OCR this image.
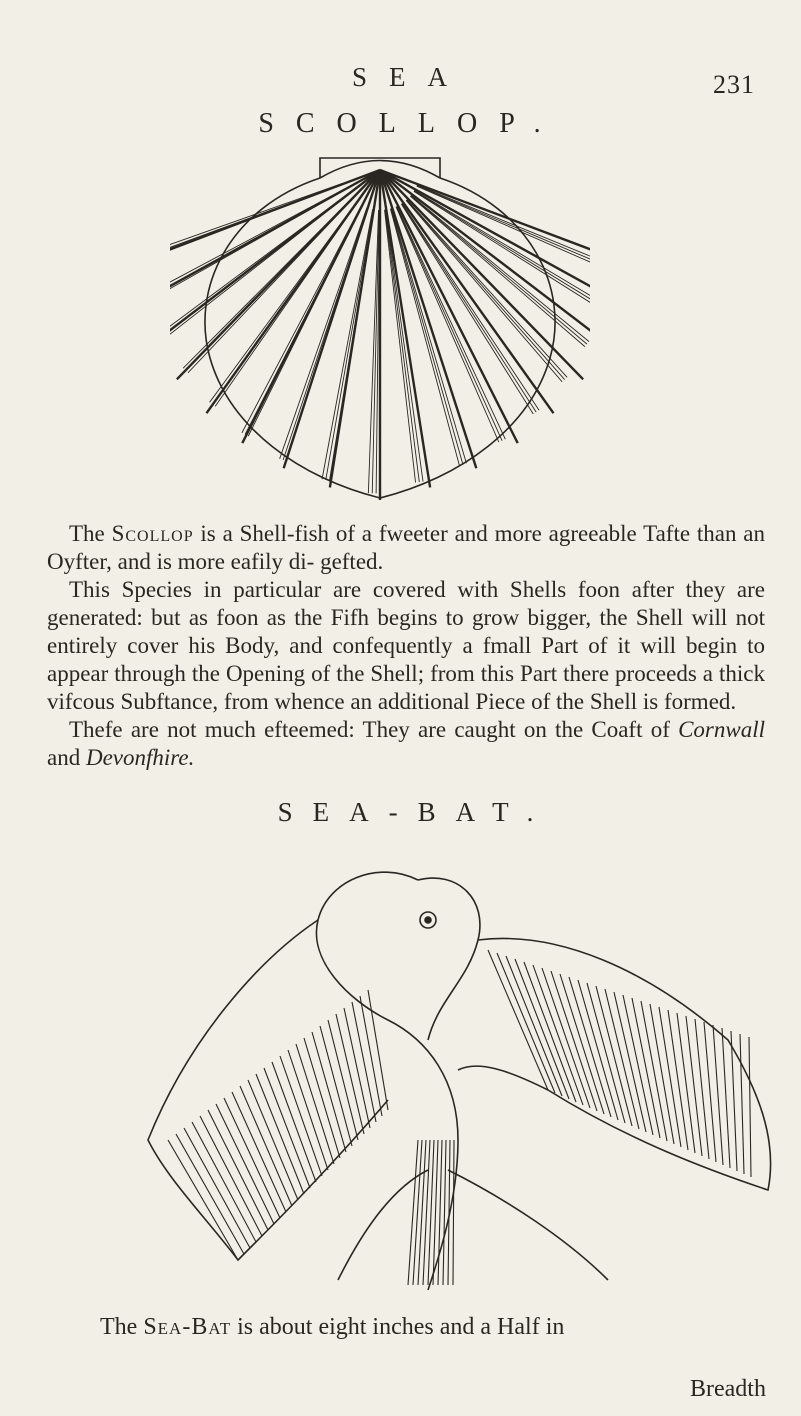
231
SEA
SCOLLOP.

The Scollop is a Shell-fish of a fweeter and more agreeable Tafte than an Oyfter, and is more eafily di- gefted.

This Species in particular are covered with Shells foon after they are generated: but as foon as the Fifh begins to grow bigger, the Shell will not entirely cover his Body, and confequently a fmall Part of it will begin to appear through the Opening of the Shell; from this Part there proceeds a thick vifcous Subftance, from whence an additional Piece of the Shell is formed.

Thefe are not much efteemed: They are caught on the Coaft of Cornwall and Devonfhire.

SEA-BAT.
The Sea-Bat is about eight inches and a Half in
Breadth
